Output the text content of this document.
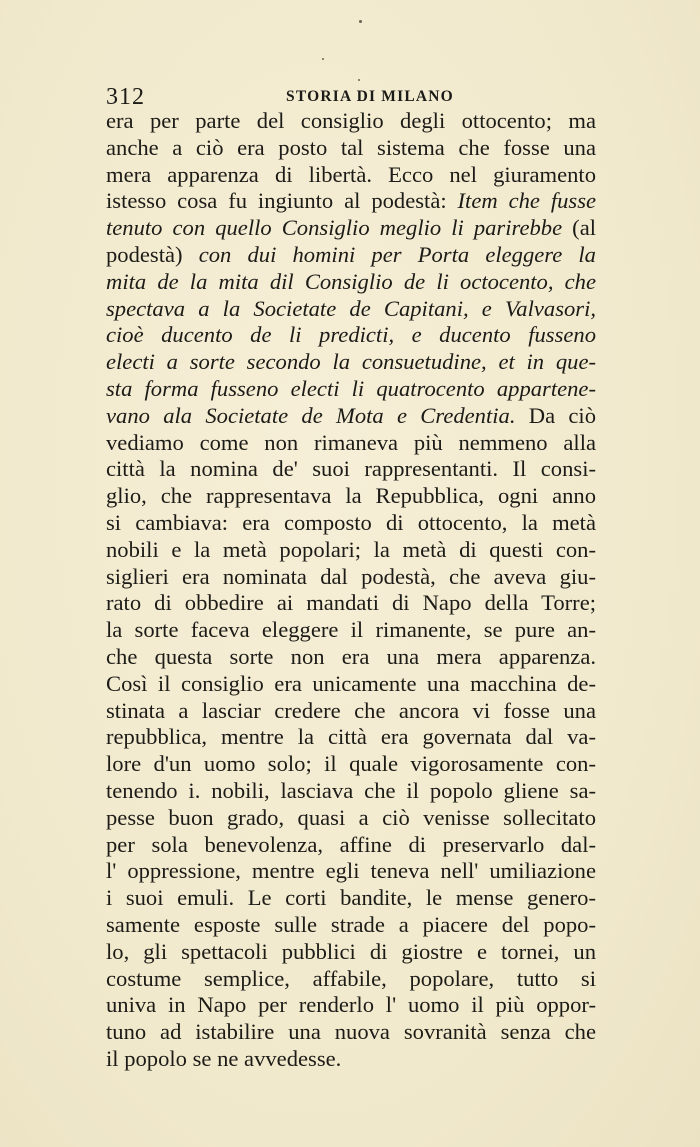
312	STORIA DI MILANO
era per parte del consiglio degli ottocento; ma
anche a ciò era posto tal sistema che fosse una
mera apparenza di libertà. Ecco nel giuramento
istesso cosa fu ingiunto al podestà: Item che fusse
tenuto con quello Consiglio meglio li parirebbe (al
podestà) con dui homini per Porta eleggere la
mita de la mita dil Consiglio de li octocento, che
spectava a la Societate de Capitani, e Valvasori,
cioè ducento de li predicti, e ducento fusseno
electi a sorte secondo la consuetudine, et in que-
sta forma fusseno electi li quatrocento appartene-
vano ala Societate de Mota e Credentia. Da ciò
vediamo come non rimaneva più nemmeno alla
città la nomina de' suoi rappresentanti. Il consi-
glio, che rappresentava la Repubblica, ogni anno
si cambiava: era composto di ottocento, la metà
nobili e la metà popolari; la metà di questi con-
siglieri era nominata dal podestà, che aveva giu-
rato di obbedire ai mandati di Napo della Torre;
la sorte faceva eleggere il rimanente, se pure an-
che questa sorte non era una mera apparenza.
Così il consiglio era unicamente una macchina de-
stinata a lasciar credere che ancora vi fosse una
repubblica, mentre la città era governata dal va-
lore d'un uomo solo; il quale vigorosamente con-
tenendo i. nobili, lasciava che il popolo gliene sa-
pesse buon grado, quasi a ciò venisse sollecitato
per sola benevolenza, affine di preservarlo dal-
l' oppressione, mentre egli teneva nell' umiliazione
i suoi emuli. Le corti bandite, le mense genero-
samente esposte sulle strade a piacere del popo-
lo, gli spettacoli pubblici di giostre e tornei, un
costume semplice, affabile, popolare, tutto si
univa in Napo per renderlo l' uomo il più oppor-
tuno ad istabilire una nuova sovranità senza che
il popolo se ne avvedesse.
